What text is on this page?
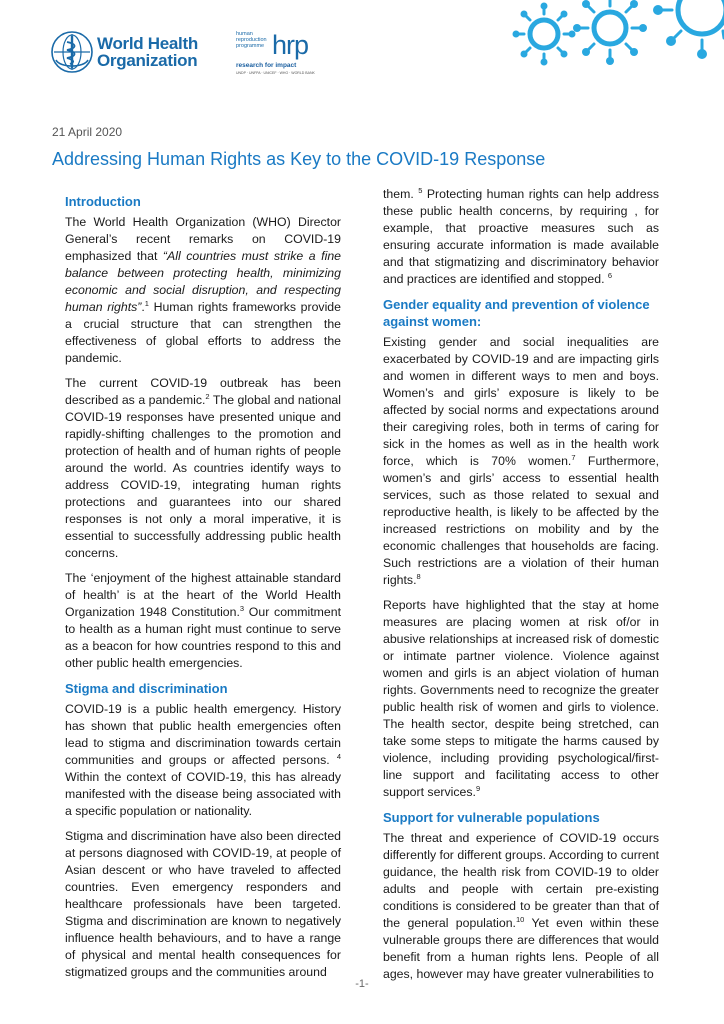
World Health
Organization
human
reproduction
programme hrp
research for impact
UNDP · UNFPA · UNICEF · WHO · WORLD BANK
21 April 2020
Addressing Human Rights as Key to the COVID-19 Response
Introduction

The World Health Organization (WHO) Director General’s recent remarks on COVID-19 emphasized that “All countries must strike a fine balance between protecting health, minimizing economic and social disruption, and respecting human rights”.$^1$ Human rights frameworks provide a crucial structure that can strengthen the effectiveness of global efforts to address the pandemic.

The current COVID-19 outbreak has been described as a pandemic.$^2$ The global and national COVID-19 responses have presented unique and rapidly-shifting challenges to the promotion and protection of health and of human rights of people around the world. As countries identify ways to address COVID-19, integrating human rights protections and guarantees into our shared responses is not only a moral imperative, it is essential to successfully addressing public health concerns.

The ‘enjoyment of the highest attainable standard of health’ is at the heart of the World Health Organization 1948 Constitution.$^3$ Our commitment to health as a human right must continue to serve as a beacon for how countries respond to this and other public health emergencies.

Stigma and discrimination

COVID-19 is a public health emergency. History has shown that public health emergencies often lead to stigma and discrimination towards certain communities and groups or affected persons. $^4$ Within the context of COVID-19, this has already manifested with the disease being associated with a specific population or nationality.

Stigma and discrimination have also been directed at persons diagnosed with COVID-19, at people of Asian descent or who have traveled to affected countries. Even emergency responders and healthcare professionals have been targeted. Stigma and discrimination are known to negatively influence health behaviours, and to have a range of physical and mental health consequences for stigmatized groups and the communities around

them. $^5$ Protecting human rights can help address these public health concerns, by requiring , for example, that proactive measures such as ensuring accurate information is made available and that stigmatizing and discriminatory behavior and practices are identified and stopped. $^6$

Gender equality and prevention of violence against women:

Existing gender and social inequalities are exacerbated by COVID-19 and are impacting girls and women in different ways to men and boys. Women’s and girls’ exposure is likely to be affected by social norms and expectations around their caregiving roles, both in terms of caring for sick in the homes as well as in the health work force, which is 70% women.$^7$ Furthermore, women’s and girls’ access to essential health services, such as those related to sexual and reproductive health, is likely to be affected by the increased restrictions on mobility and by the economic challenges that households are facing. Such restrictions are a violation of their human rights.$^8$

Reports have highlighted that the stay at home measures are placing women at risk of/or in abusive relationships at increased risk of domestic or intimate partner violence. Violence against women and girls is an abject violation of human rights. Governments need to recognize the greater public health risk of women and girls to violence. The health sector, despite being stretched, can take some steps to mitigate the harms caused by violence, including providing psychological/first-line support and facilitating access to other support services.$^9$

Support for vulnerable populations

The threat and experience of COVID-19 occurs differently for different groups. According to current guidance, the health risk from COVID-19 to older adults and people with certain pre-existing conditions is considered to be greater than that of the general population.$^{10}$ Yet even within these vulnerable groups there are differences that would benefit from a human rights lens. People of all ages, however may have greater vulnerabilities to

-1-
